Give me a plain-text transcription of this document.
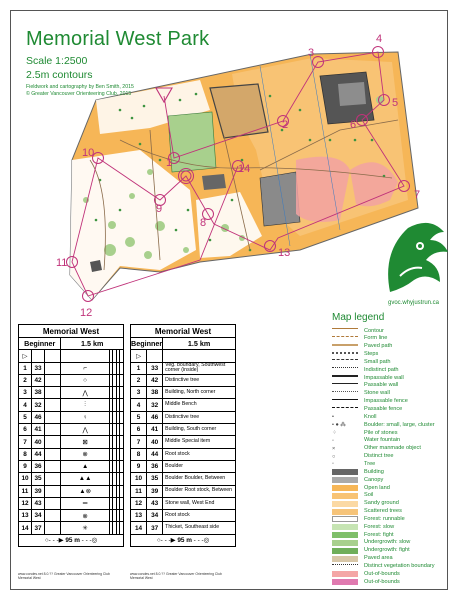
1
2
3
4
5
6
7
8
9
10
11
12
13
14
Memorial West Park
Scale 1:2500
2.5m contours
Fieldwork and cartography by Ben Smith, 2015
© Greater Vancouver Orienteering Club, 2015
gvoc.whyjustrun.ca
Memorial West							
Beginner			1.5 km				
▷							
1	33		⌐				
2	42		○				
3	38		⋀				
4	32		⫶				
5	46		♀				
6	41		⋀				
7	40		⊠				
8	44		⊗				
9	36		▲				
10	35		▲▲				
11	39		▲⊗				
12	43		═				
13	34		⊗				
14	37		✳				
○- - -▶ 95 m - - -◎							
www.condes.net 8.0.?? Greater Vancouver Orienteering Club
Memorial West
Memorial West		
Beginner		1.5 km
▷		
1	33	Veg. boundary, Southwest corner (inside)
2	42	Distinctive tree
3	38	Building, North corner
4	32	Middle Bench
5	46	Distinctive tree
6	41	Building, South corner
7	40	Middle Special item
8	44	Root stock
9	36	Boulder
10	35	Boulder Boulder, Between
11	39	Boulder Root stock, Between
12	43	Stone wall, West End
13	34	Root stock
14	37	Thicket, Southeast side
○- - -▶ 95 m - - -◎		
www.condes.net 8.0.?? Greater Vancouver Orienteering Club
Memorial West
Map legend
Contour
Form line
Paved path
Steps
Small path
Indistinct path
Impassable wall
Passable wall
Stone wall
Impassable fence
Passable fence
•	Knoll
• ● ⁂	Boulder: small, large, cluster
⁘	Pile of stones
◦	Water fountain
×	Other manmade object
○	Distinct tree
◦	Tree
Building
Canopy
Open land
Soil
Sandy ground
Scattered trees
Forest: runnable
Forest: slow
Forest: fight
Undergrowth: slow
Undergrowth: fight
Paved area
Distinct vegetation boundary
Out-of-bounds
Out-of-bounds
